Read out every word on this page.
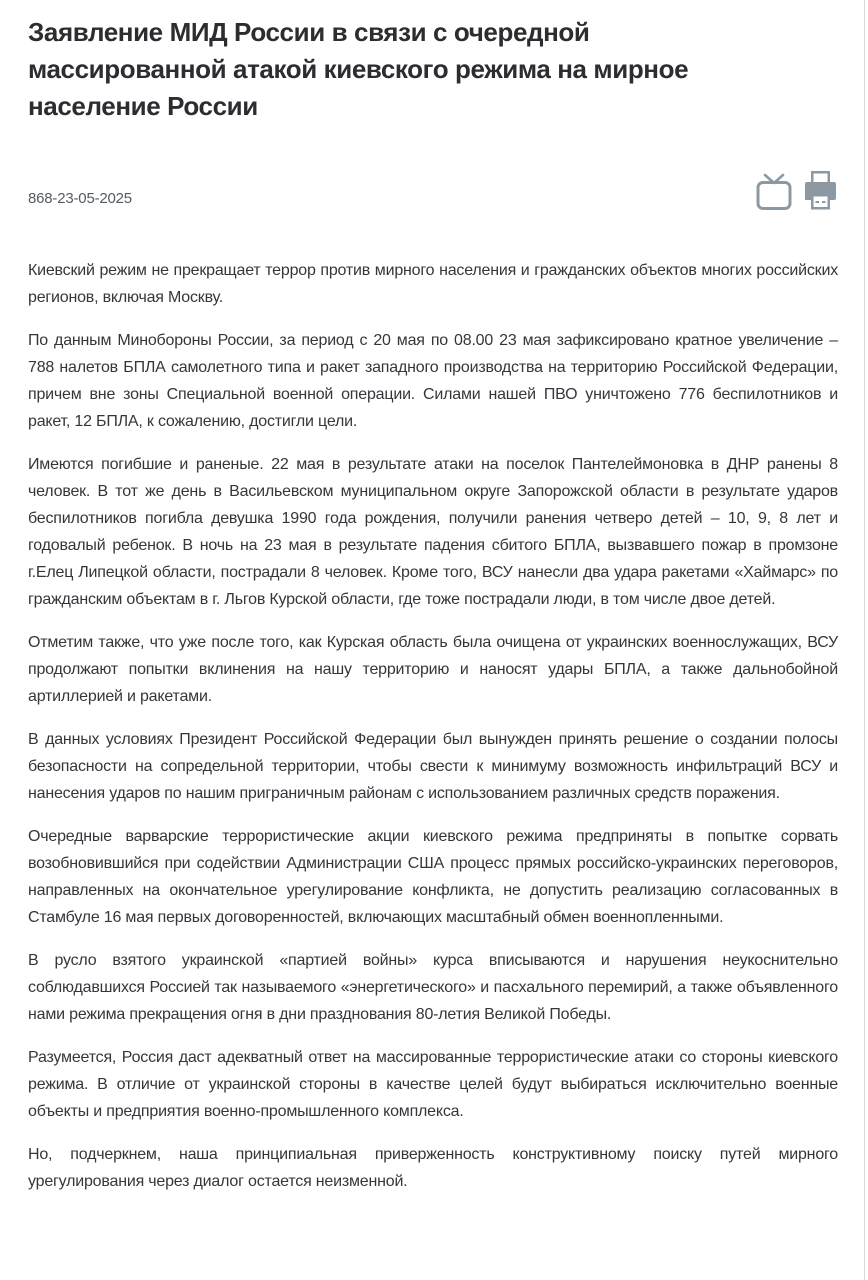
Заявление МИД России в связи с очередной массированной атакой киевского режима на мирное население России
868-23-05-2025

Киевский режим не прекращает террор против мирного населения и гражданских объектов многих российских регионов, включая Москву.

По данным Минобороны России, за период с 20 мая по 08.00 23 мая зафиксировано кратное увеличение – 788 налетов БПЛА самолетного типа и ракет западного производства на территорию Российской Федерации, причем вне зоны Специальной военной операции. Силами нашей ПВО уничтожено 776 беспилотников и ракет, 12 БПЛА, к сожалению, достигли цели.

Имеются погибшие и раненые. 22 мая в результате атаки на поселок Пантелеймоновка в ДНР ранены 8 человек. В тот же день в Васильевском муниципальном округе Запорожской области в результате ударов беспилотников погибла девушка 1990 года рождения, получили ранения четверо детей – 10, 9, 8 лет и годовалый ребенок. В ночь на 23 мая в результате падения сбитого БПЛА, вызвавшего пожар в промзоне г.Елец Липецкой области, пострадали 8 человек. Кроме того, ВСУ нанесли два удара ракетами «Хаймарс» по гражданским объектам в г. Льгов Курской области, где тоже пострадали люди, в том числе двое детей.

Отметим также, что уже после того, как Курская область была очищена от украинских военнослужащих, ВСУ продолжают попытки вклинения на нашу территорию и наносят удары БПЛА, а также дальнобойной артиллерией и ракетами.

В данных условиях Президент Российской Федерации был вынужден принять решение о создании полосы безопасности на сопредельной территории, чтобы свести к минимуму возможность инфильтраций ВСУ и нанесения ударов по нашим приграничным районам с использованием различных средств поражения.

Очередные варварские террористические акции киевского режима предприняты в попытке сорвать возобновившийся при содействии Администрации США процесс прямых российско-украинских переговоров, направленных на окончательное урегулирование конфликта, не допустить реализацию согласованных в Стамбуле 16 мая первых договоренностей, включающих масштабный обмен военнопленными.

В русло взятого украинской «партией войны» курса вписываются и нарушения неукоснительно соблюдавшихся Россией так называемого «энергетического» и пасхального перемирий, а также объявленного нами режима прекращения огня в дни празднования 80-летия Великой Победы.

Разумеется, Россия даст адекватный ответ на массированные террористические атаки со стороны киевского режима. В отличие от украинской стороны в качестве целей будут выбираться исключительно военные объекты и предприятия военно-промышленного комплекса.

Но, подчеркнем, наша принципиальная приверженность конструктивному поиску путей мирного урегулирования через диалог остается неизменной.
